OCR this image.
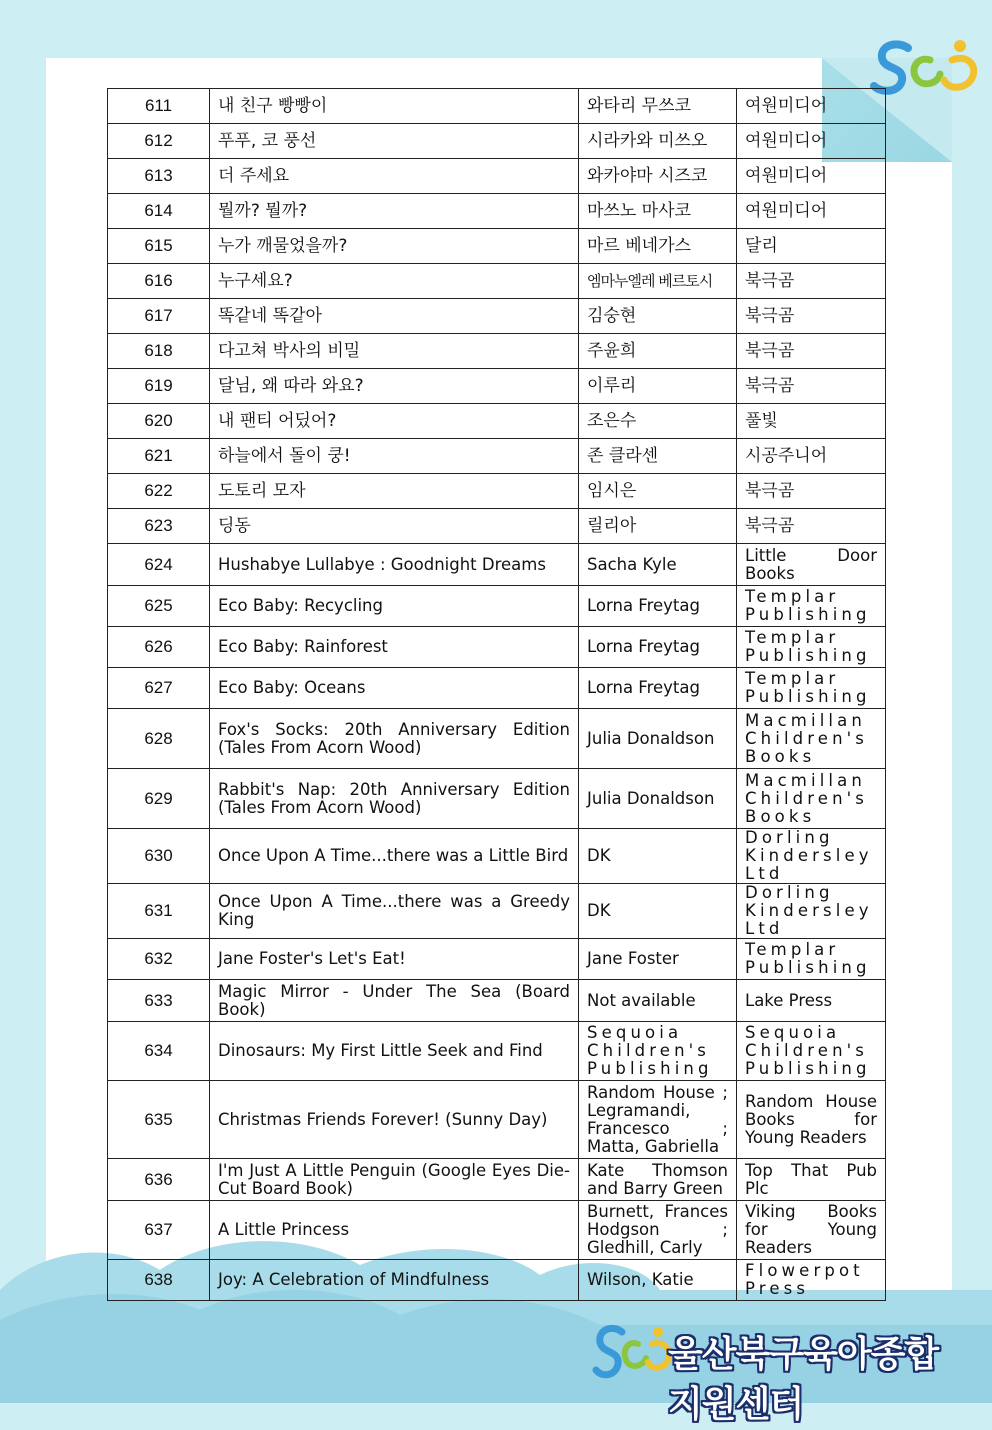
611	내 친구 빵빵이	와타리 무쓰코	여원미디어
612	푸푸, 코 풍선	시라카와 미쓰오	여원미디어
613	더 주세요	와카야마 시즈코	여원미디어
614	뭘까? 뭘까?	마쓰노 마사코	여원미디어
615	누가 깨물었을까?	마르 베네가스	달리
616	누구세요?	엠마누엘레 베르토시	북극곰
617	똑같네 똑같아	김숭현	북극곰
618	다고쳐 박사의 비밀	주윤희	북극곰
619	달님, 왜 따라 와요?	이루리	북극곰
620	내 팬티 어딨어?	조은수	풀빛
621	하늘에서 돌이 쿵!	존 클라센	시공주니어
622	도토리 모자	임시은	북극곰
623	딩동	릴리아	북극곰
624	Hushabye Lullabye : Goodnight Dreams	Sacha Kyle	Little Door Books
625	Eco Baby: Recycling	Lorna Freytag	Templar Publishing
626	Eco Baby: Rainforest	Lorna Freytag	Templar Publishing
627	Eco Baby: Oceans	Lorna Freytag	Templar Publishing
628	Fox's Socks: 20th Anniversary Edition (Tales From Acorn Wood)	Julia Donaldson	Macmillan Children's Books
629	Rabbit's Nap: 20th Anniversary Edition (Tales From Acorn Wood)	Julia Donaldson	Macmillan Children's Books
630	Once Upon A Time...there was a Little Bird	DK	Dorling Kindersley Ltd
631	Once Upon A Time...there was a Greedy King	DK	Dorling Kindersley Ltd
632	Jane Foster's Let's Eat!	Jane Foster	Templar Publishing
633	Magic Mirror - Under The Sea (Board Book)	Not available	Lake Press
634	Dinosaurs: My First Little Seek and Find	Sequoia Children's Publishing	Sequoia Children's Publishing
635	Christmas Friends Forever! (Sunny Day)	Random House ; Legramandi, Francesco ; Matta, Gabriella	Random House Books for Young Readers
636	I'm Just A Little Penguin (Google Eyes Die-Cut Board Book)	Kate Thomson and Barry Green	Top That Pub Plc
637	A Little Princess	Burnett, Frances Hodgson ; Gledhill, Carly	Viking Books for Young Readers
638	Joy: A Celebration of Mindfulness	Wilson, Katie	Flowerpot Press
울산북구육아종합지원센터
